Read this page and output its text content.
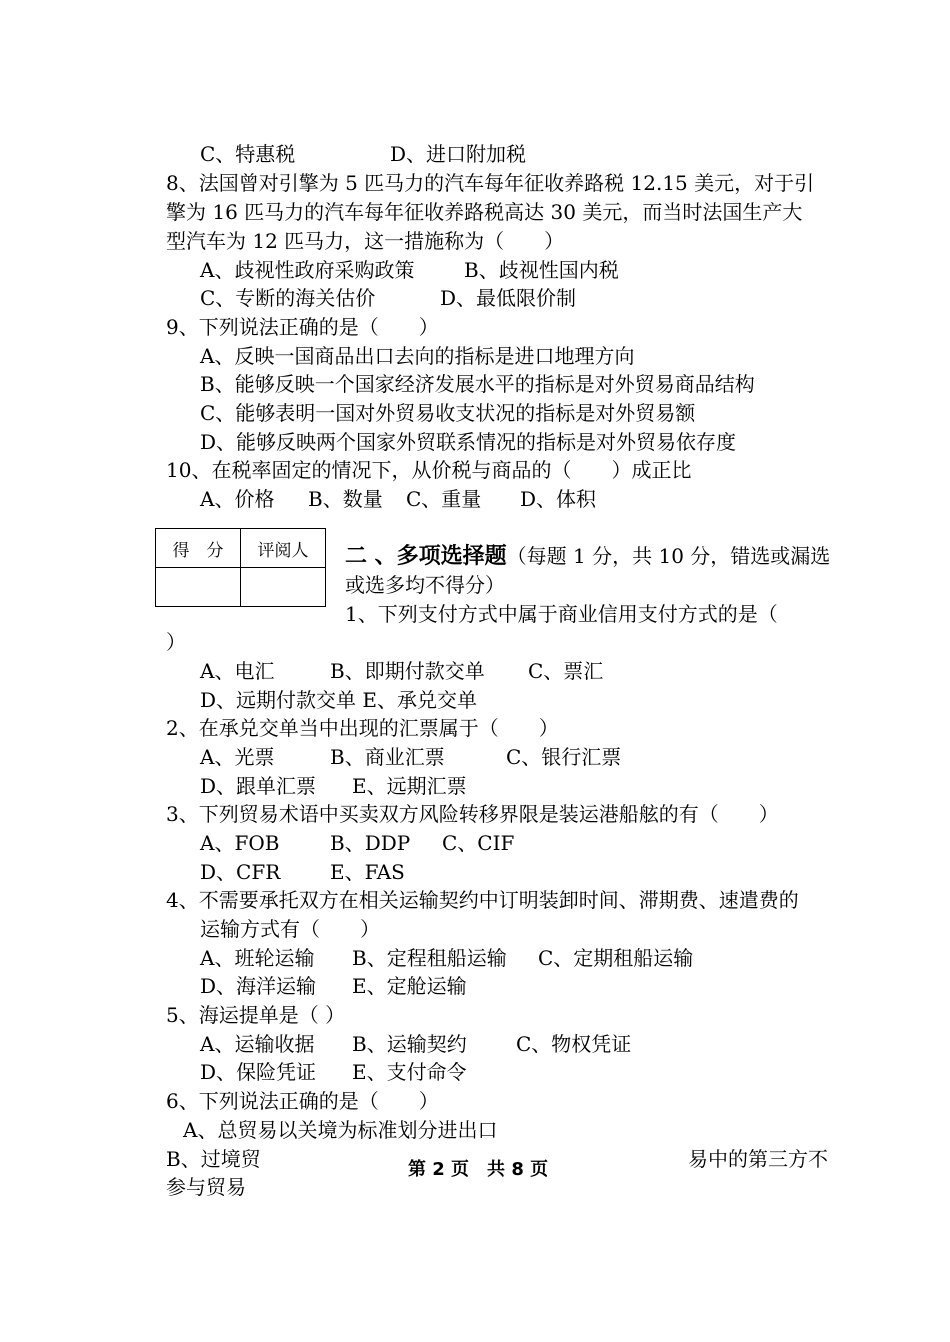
C、特惠税	D、进口附加税
8、法国曾对引擎为 5 匹马力的汽车每年征收养路税 12.15 美元，对于引
擎为 16 匹马力的汽车每年征收养路税高达 30 美元，而当时法国生产大
型汽车为 12 匹马力，这一措施称为（　　）
A、歧视性政府采购政策 B、歧视性国内税
C、专断的海关估价	D、最低限价制
9、下列说法正确的是（　　）
A、反映一国商品出口去向的指标是进口地理方向
B、能够反映一个国家经济发展水平的指标是对外贸易商品结构
C、能够表明一国对外贸易收支状况的指标是对外贸易额
D、能够反映两个国家外贸联系情况的指标是对外贸易依存度
10、在税率固定的情况下，从价税与商品的（　　）成正比
A、价格 B、数量 C、重量 D、体积
得　分	评阅人
	二 、多项选择题（每题 1 分，共 10 分，错选或漏选
或选多均不得分）
1、下列支付方式中属于商业信用支付方式的是（
）
A、电汇	B、即期付款交单 C、票汇
D、远期付款交单 E、承兑交单
2、在承兑交单当中出现的汇票属于（　　）
A、光票	B、商业汇票	C、银行汇票
D、跟单汇票 E、远期汇票
3、下列贸易术语中买卖双方风险转移界限是装运港船舷的有（　　）
A、FOB	B、DDP C、CIF
D、CFR E、FAS
4、不需要承托双方在相关运输契约中订明装卸时间、滞期费、速遣费的
运输方式有（　　）
A、班轮运输 B、定程租船运输 C、定期租船运输
D、海洋运输 E、定舱运输
5、海运提单是（ ）
A、运输收据 B、运输契约 C、物权凭证
D、保险凭证 E、支付命令
6、下列说法正确的是（　　）
A、总贸易以关境为标准划分进出口
B、过境贸	易中的第三方不
参与贸易
第 2 页　共 8 页
